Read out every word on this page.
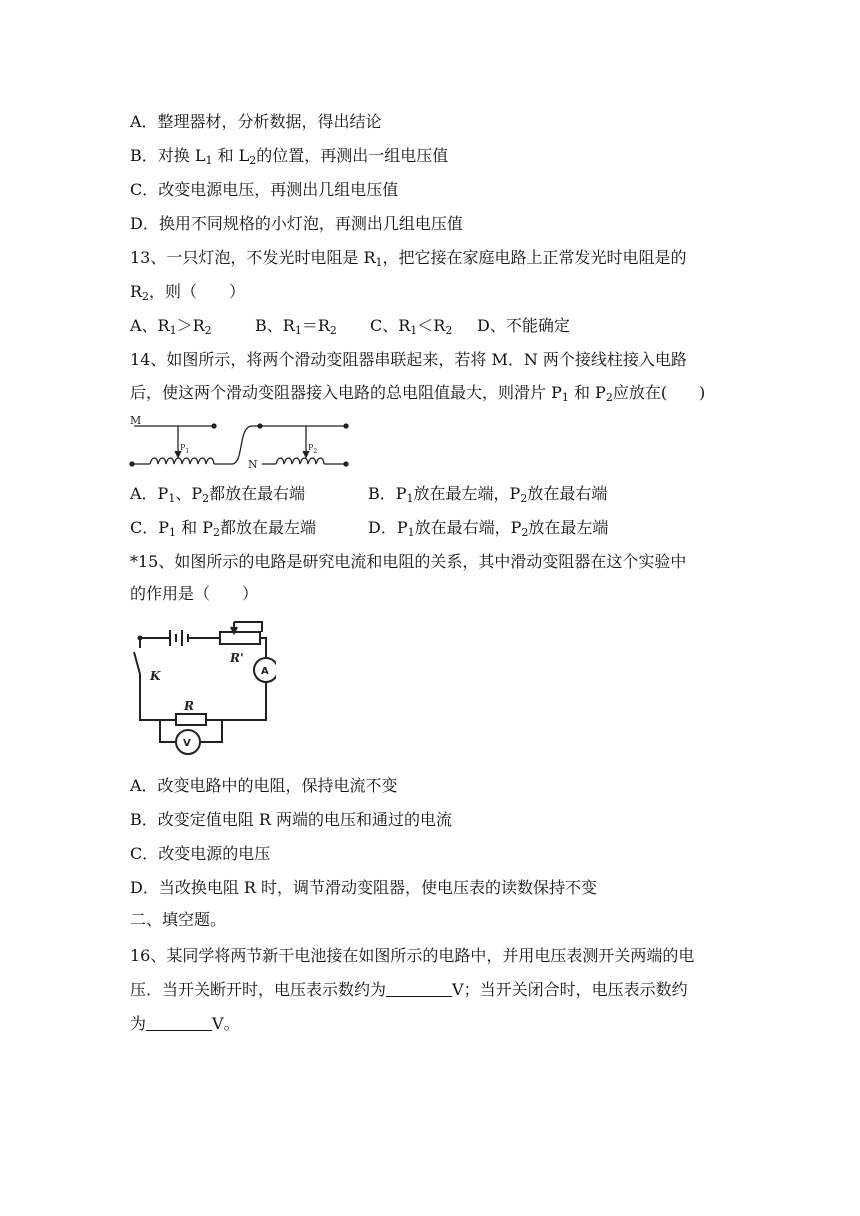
A．整理器材，分析数据，得出结论
B．对换 $L_1$ 和 $L_2$的位置，再测出一组电压值
C．改变电源电压，再测出几组电压值
D．换用不同规格的小灯泡，再测出几组电压值
13、一只灯泡，不发光时电阻是 $R_1$，把它接在家庭电路上正常发光时电阻是的
$R_2$，则（　　）
A、$R_1>R_2$	B、$R_1=R_2$ C、$R_1<R_2$ D、不能确定
14、如图所示，将两个滑动变阻器串联起来，若将 M．N 两个接线柱接入电路
后，使这两个滑动变阻器接入电路的总电阻值最大，则滑片 $P_1$ 和 $P_2$应放在(　　)
M
$P_1$
N
$P_2$
A．$P_1$、$P_2$都放在最右端	B．$P_1$放在最左端，$P_2$放在最右端
C．$P_1$ 和 $P_2$都放在最左端	D．$P_1$放在最右端，$P_2$放在最左端
*15、如图所示的电路是研究电流和电阻的关系，其中滑动变阻器在这个实验中
的作用是（　　）
K
R'
R
A
V
A．改变电路中的电阻，保持电流不变
B．改变定值电阻 R 两端的电压和通过的电流
C．改变电源的电压
D．当改换电阻 R 时，调节滑动变阻器，使电压表的读数保持不变
二、填空题。
16、某同学将两节新干电池接在如图所示的电路中，并用电压表测开关两端的电
压．当开关断开时，电压表示数约为	V；当开关闭合时，电压表示数约
为	V。
